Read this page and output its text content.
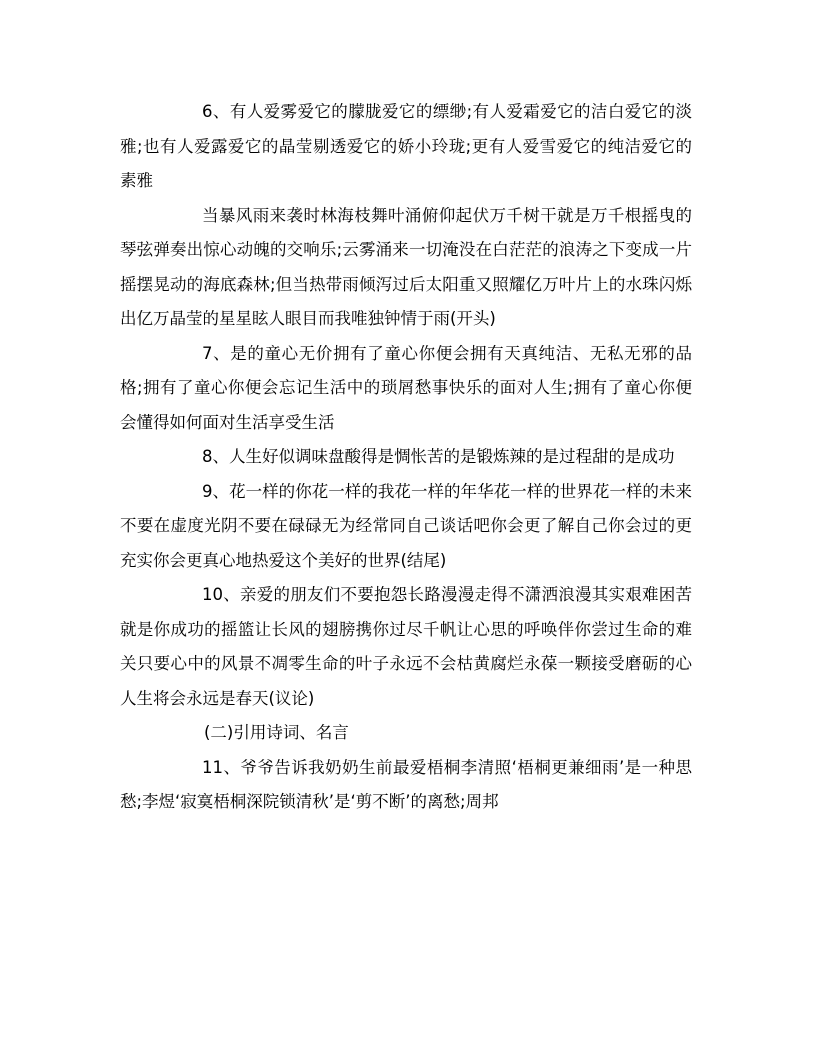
6、有人爱雾爱它的朦胧爱它的缥缈;有人爱霜爱它的洁白爱它的淡雅;也有人爱露爱它的晶莹剔透爱它的娇小玲珑;更有人爱雪爱它的纯洁爱它的素雅

当暴风雨来袭时林海枝舞叶涌俯仰起伏万千树干就是万千根摇曳的琴弦弹奏出惊心动魄的交响乐;云雾涌来一切淹没在白茫茫的浪涛之下变成一片摇摆晃动的海底森林;但当热带雨倾泻过后太阳重又照耀亿万叶片上的水珠闪烁出亿万晶莹的星星眩人眼目而我唯独钟情于雨(开头)

7、是的童心无价拥有了童心你便会拥有天真纯洁、无私无邪的品格;拥有了童心你便会忘记生活中的琐屑愁事快乐的面对人生;拥有了童心你便会懂得如何面对生活享受生活

8、人生好似调味盘酸得是惆怅苦的是锻炼辣的是过程甜的是成功

9、花一样的你花一样的我花一样的年华花一样的世界花一样的未来不要在虚度光阴不要在碌碌无为经常同自己谈话吧你会更了解自己你会过的更充实你会更真心地热爱这个美好的世界(结尾)

10、亲爱的朋友们不要抱怨长路漫漫走得不潇洒浪漫其实艰难困苦就是你成功的摇篮让长风的翅膀携你过尽千帆让心思的呼唤伴你尝过生命的难关只要心中的风景不凋零生命的叶子永远不会枯黄腐烂永葆一颗接受磨砺的心人生将会永远是春天(议论)

(二)引用诗词、名言

11、爷爷告诉我奶奶生前最爱梧桐李清照‘梧桐更兼细雨’是一种思愁;李煜‘寂寞梧桐深院锁清秋’是‘剪不断’的离愁;周邦
